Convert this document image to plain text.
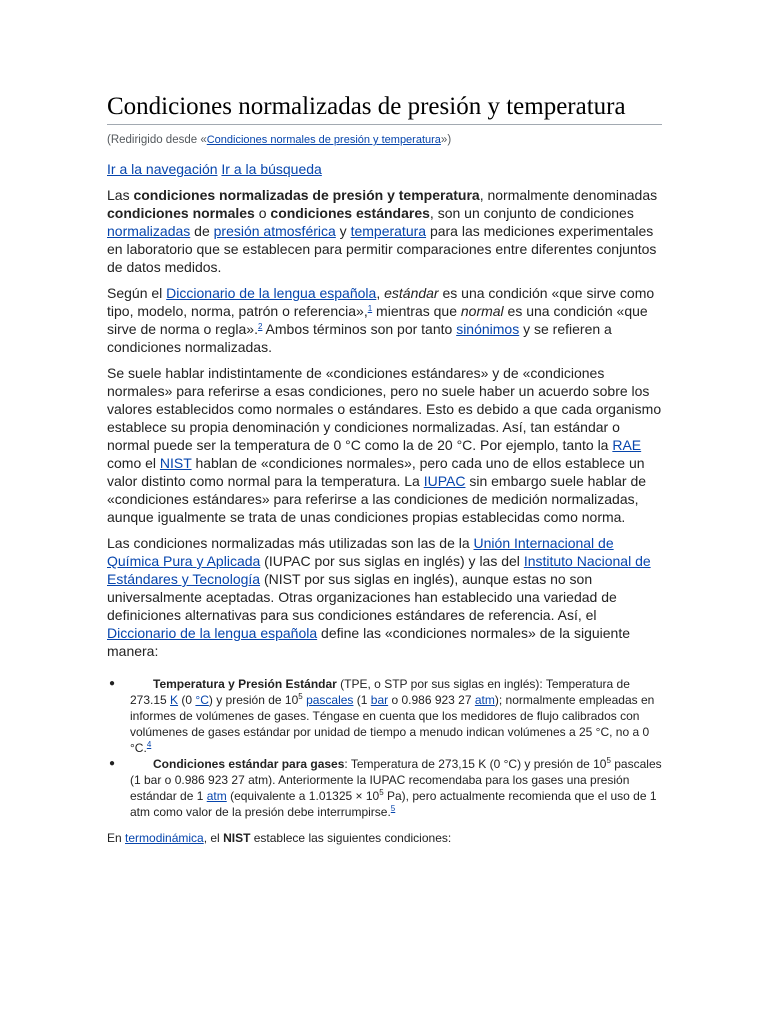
Condiciones normalizadas de presión y temperatura
(Redirigido desde «Condiciones normales de presión y temperatura»)
Ir a la navegación Ir a la búsqueda

Las condiciones normalizadas de presión y temperatura, normalmente denominadas condiciones normales o condiciones estándares, son un conjunto de condiciones normalizadas de presión atmosférica y temperatura para las mediciones experimentales en laboratorio que se establecen para permitir comparaciones entre diferentes conjuntos de datos medidos.

Según el Diccionario de la lengua española, estándar es una condición «que sirve como tipo, modelo, norma, patrón o referencia»,$^1$ mientras que normal es una condición «que sirve de norma o regla».$^2$ Ambos términos son por tanto sinónimos y se refieren a condiciones normalizadas.

Se suele hablar indistintamente de «condiciones estándares» y de «condiciones normales» para referirse a esas condiciones, pero no suele haber un acuerdo sobre los valores establecidos como normales o estándares. Esto es debido a que cada organismo establece su propia denominación y condiciones normalizadas. Así, tan estándar o normal puede ser la temperatura de 0 °C como la de 20 °C. Por ejemplo, tanto la RAE como el NIST hablan de «condiciones normales», pero cada uno de ellos establece un valor distinto como normal para la temperatura. La IUPAC sin embargo suele hablar de «condiciones estándares» para referirse a las condiciones de medición normalizadas, aunque igualmente se trata de unas condiciones propias establecidas como norma.

Las condiciones normalizadas más utilizadas son las de la Unión Internacional de Química Pura y Aplicada (IUPAC por sus siglas en inglés) y las del Instituto Nacional de Estándares y Tecnología (NIST por sus siglas en inglés), aunque estas no son universalmente aceptadas. Otras organizaciones han establecido una variedad de definiciones alternativas para sus condiciones estándares de referencia. Así, el Diccionario de la lengua española define las «condiciones normales» de la siguiente manera:

●	Temperatura y Presión Estándar (TPE, o STP por sus siglas en inglés): Temperatura de 273.15 K (0 °C) y presión de $10^5$ pascales (1 bar o 0.986 923 27 atm); normalmente empleadas en informes de volúmenes de gases. Téngase en cuenta que los medidores de flujo calibrados con volúmenes de gases estándar por unidad de tiempo a menudo indican volúmenes a 25 °C, no a 0 °C.$^4$
●	Condiciones estándar para gases: Temperatura de 273,15 K (0 °C) y presión de $10^5$ pascales (1 bar o 0.986 923 27 atm). Anteriormente la IUPAC recomendaba para los gases una presión estándar de 1 atm (equivalente a $1.01325 \times 10^5$ Pa), pero actualmente recomienda que el uso de 1 atm como valor de la presión debe interrumpirse.$^5$

En termodinámica, el NIST establece las siguientes condiciones:
